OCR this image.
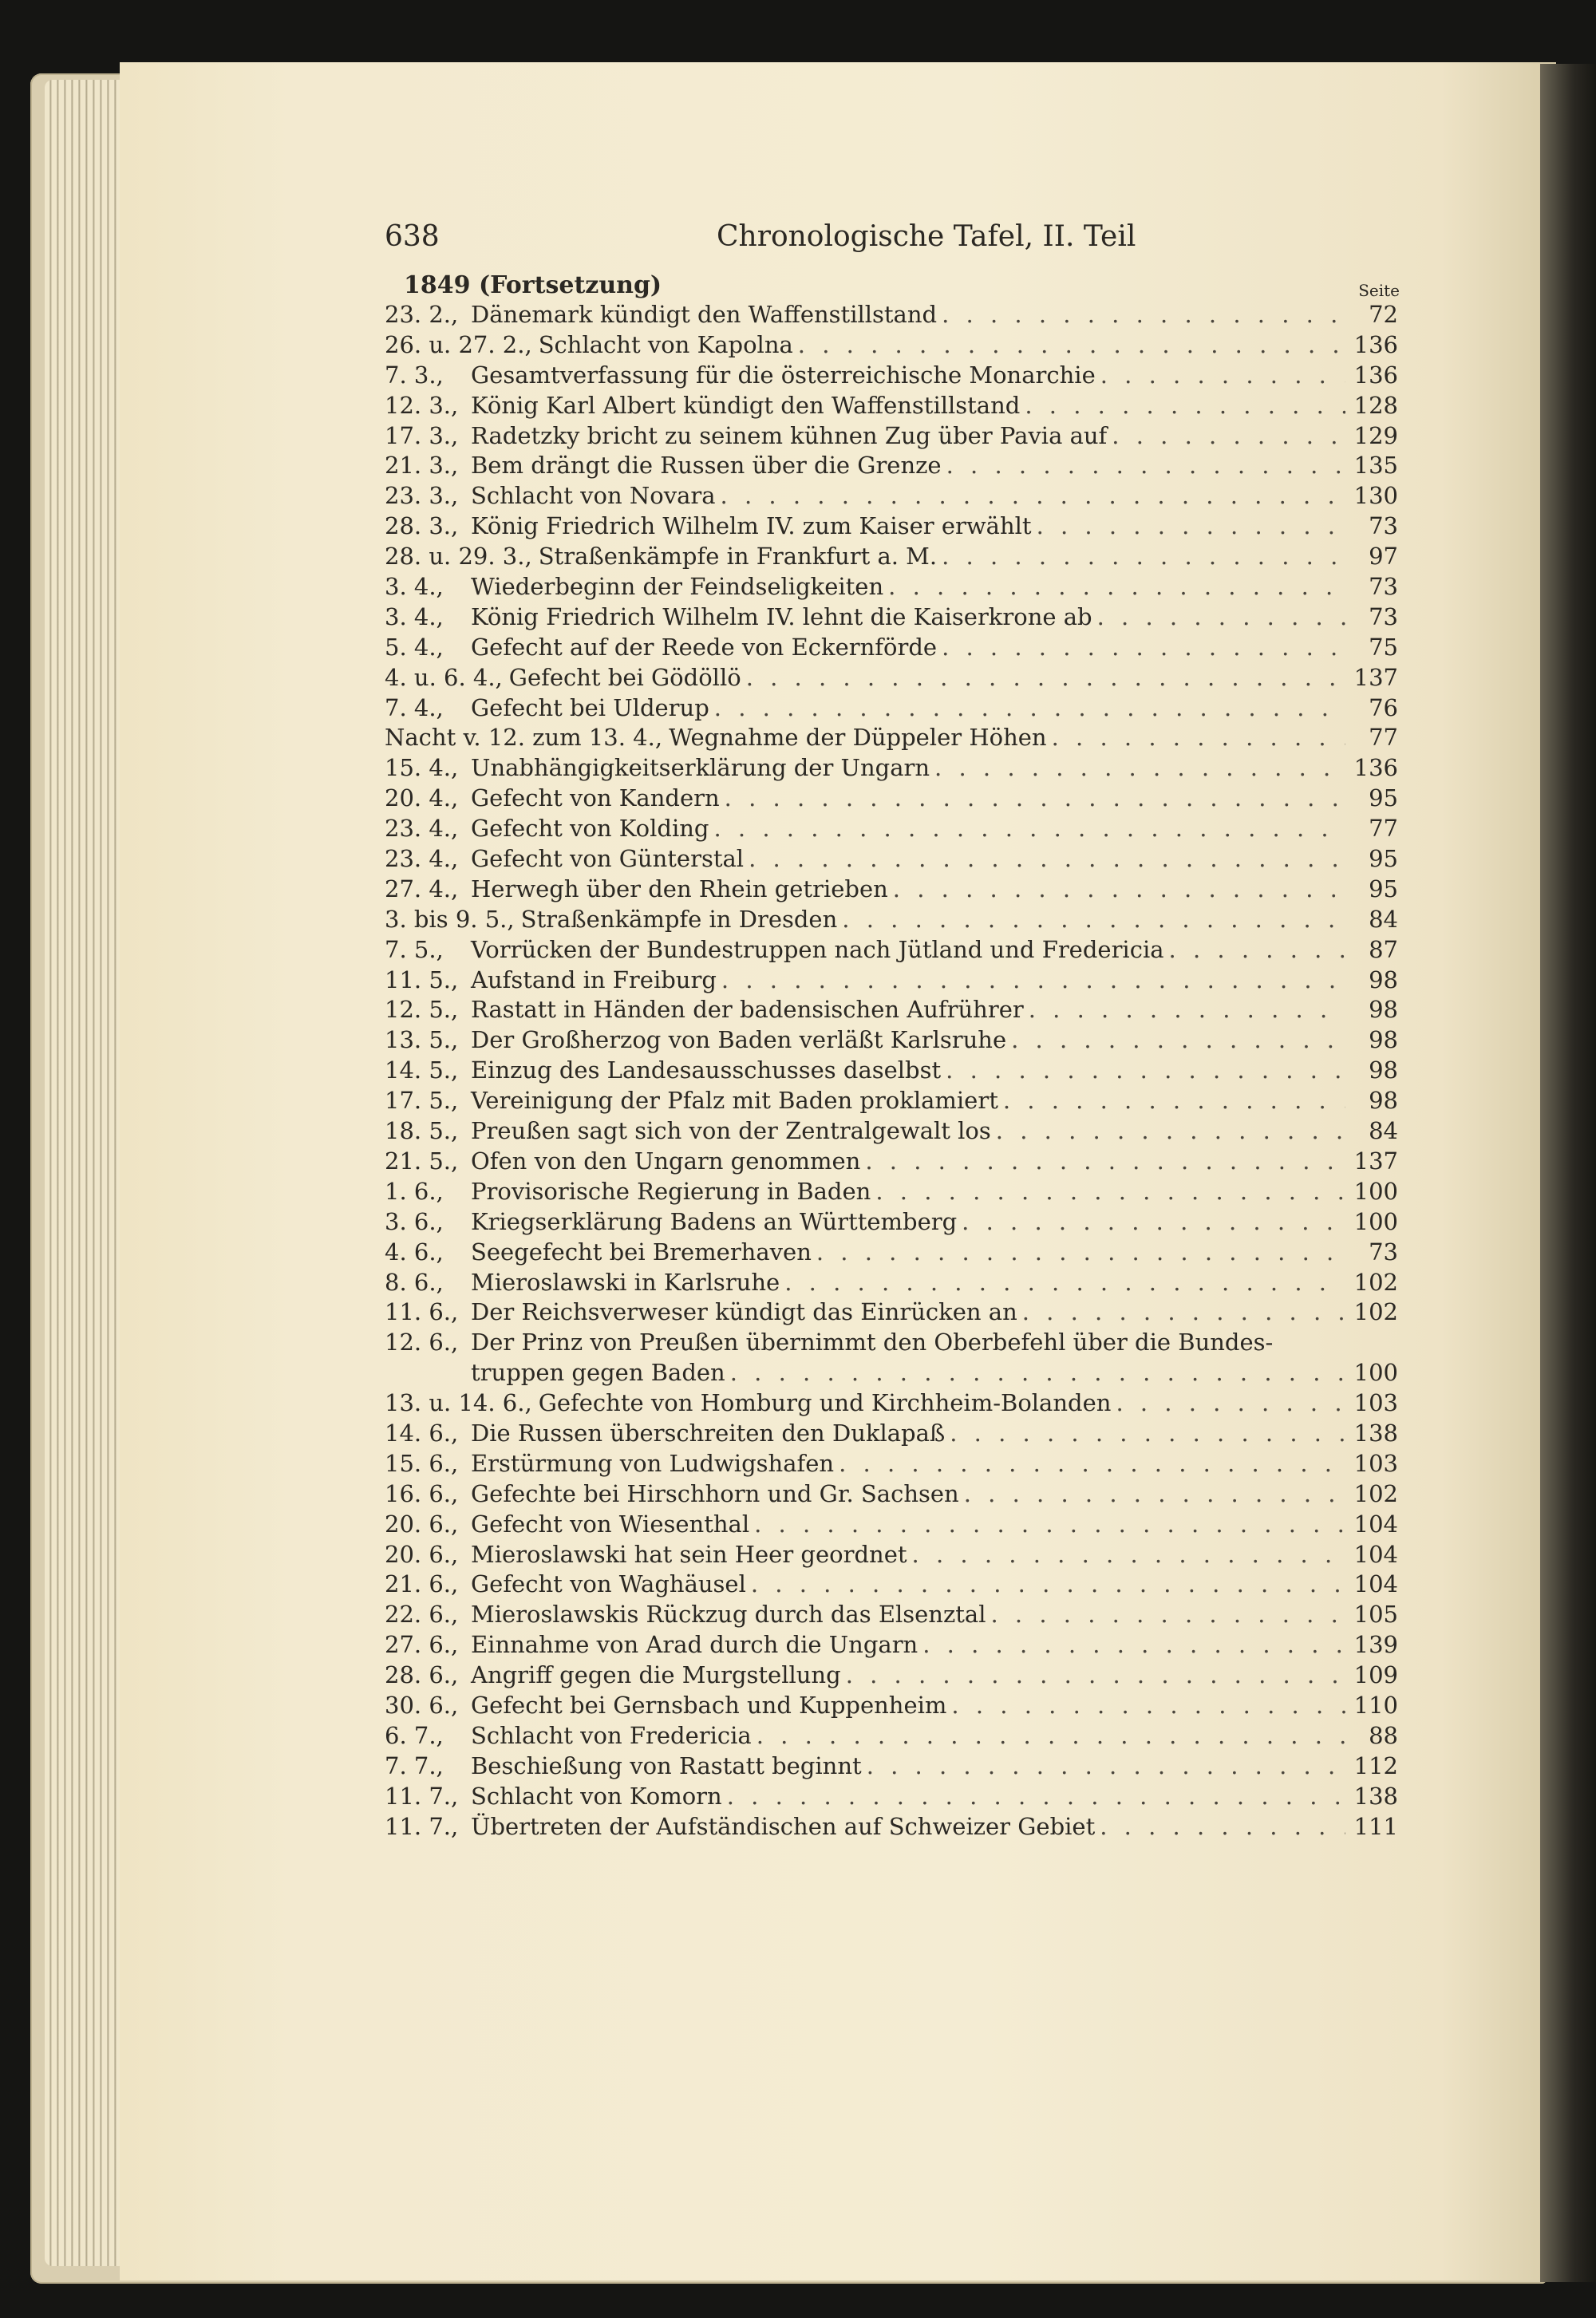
638	Chronologische Tafel, II. Teil
1849 (Fortsetzung)	Seite
23. 2., Dänemark kündigt den Waffenstillstand . . .	72
26. u. 27. 2., Schlacht von Kapolna . . .	136
7. 3.,	Gesamtverfassung für die österreichische Monarchie . . .	136
12. 3., König Karl Albert kündigt den Waffenstillstand . . .	128
17. 3., Radetzky bricht zu seinem kühnen Zug über Pavia auf . . .	129
21. 3., Bem drängt die Russen über die Grenze . . .	135
23. 3., Schlacht von Novara . . .	130
28. 3., König Friedrich Wilhelm IV. zum Kaiser erwählt . . .	73
28. u. 29. 3., Straßenkämpfe in Frankfurt a. M. . . .	97
3. 4.,	Wiederbeginn der Feindseligkeiten . . .	73
3. 4.,	König Friedrich Wilhelm IV. lehnt die Kaiserkrone ab . . .	73
5. 4.,	Gefecht auf der Reede von Eckernförde . . .	75
4. u. 6. 4., Gefecht bei Gödöllö . . .	137
7. 4.,	Gefecht bei Ulderup . . .	76
Nacht v. 12. zum 13. 4., Wegnahme der Düppeler Höhen . . .	77
15. 4., Unabhängigkeitserklärung der Ungarn . . .	136
20. 4., Gefecht von Kandern . . .	95
23. 4., Gefecht von Kolding . . .	77
23. 4., Gefecht von Günterstal . . .	95
27. 4., Herwegh über den Rhein getrieben . . .	95
3. bis 9. 5., Straßenkämpfe in Dresden . . .	84
7. 5.,	Vorrücken der Bundestruppen nach Jütland und Fredericia . . .	87
11. 5., Aufstand in Freiburg . . .	98
12. 5., Rastatt in Händen der badensischen Aufrührer . . .	98
13. 5., Der Großherzog von Baden verläßt Karlsruhe . . .	98
14. 5., Einzug des Landesausschusses daselbst . . .	98
17. 5., Vereinigung der Pfalz mit Baden proklamiert . . .	98
18. 5., Preußen sagt sich von der Zentralgewalt los . . .	84
21. 5., Ofen von den Ungarn genommen . . .	137
1. 6.,	Provisorische Regierung in Baden . . .	100
3. 6.,	Kriegserklärung Badens an Württemberg . . .	100
4. 6.,	Seegefecht bei Bremerhaven . . .	73
8. 6.,	Mieroslawski in Karlsruhe . . .	102
11. 6., Der Reichsverweser kündigt das Einrücken an . . .	102
12. 6., Der Prinz von Preußen übernimmt den Oberbefehl über die Bundes-
truppen gegen Baden . . .	100
13. u. 14. 6., Gefechte von Homburg und Kirchheim-Bolanden . . .	103
14. 6., Die Russen überschreiten den Duklapaß . . .	138
15. 6., Erstürmung von Ludwigshafen . . .	103
16. 6., Gefechte bei Hirschhorn und Gr. Sachsen . . .	102
20. 6., Gefecht von Wiesenthal . . .	104
20. 6., Mieroslawski hat sein Heer geordnet . . .	104
21. 6., Gefecht von Waghäusel . . .	104
22. 6., Mieroslawskis Rückzug durch das Elsenztal . . .	105
27. 6., Einnahme von Arad durch die Ungarn . . .	139
28. 6., Angriff gegen die Murgstellung . . .	109
30. 6., Gefecht bei Gernsbach und Kuppenheim . . .	110
6. 7.,	Schlacht von Fredericia . . .	88
7. 7.,	Beschießung von Rastatt beginnt . . .	112
11. 7., Schlacht von Komorn . . .	138
11. 7., Übertreten der Aufständischen auf Schweizer Gebiet . . .	111
